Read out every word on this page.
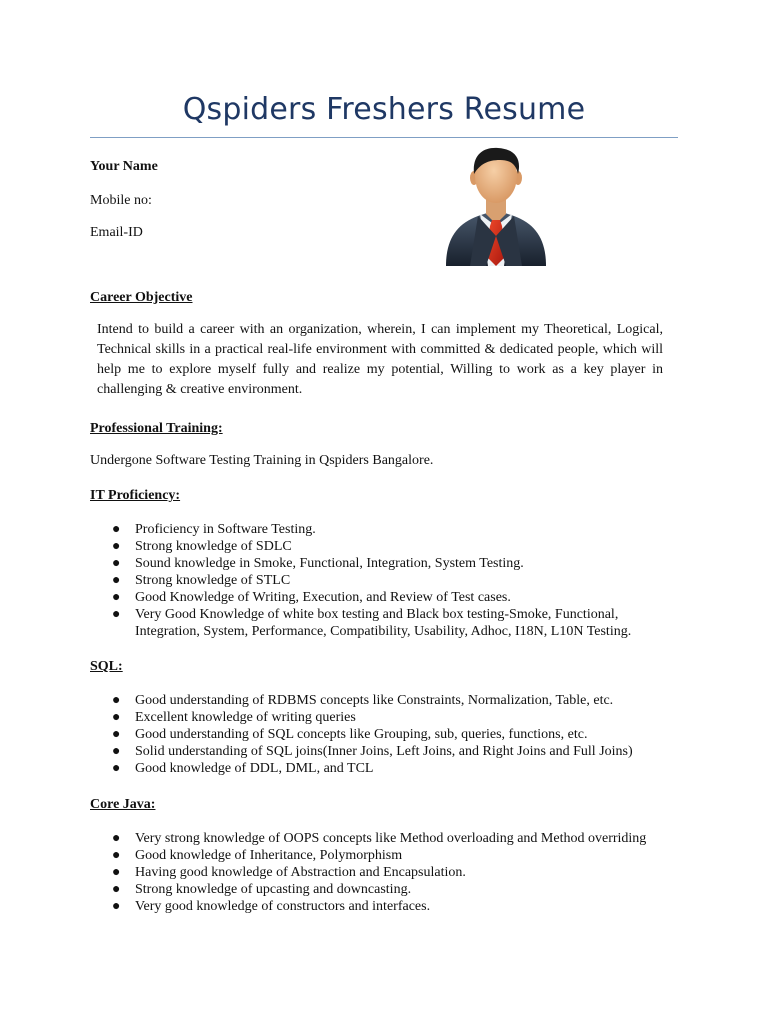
Qspiders Freshers Resume
Your Name
Mobile no:
Email-ID
Career Objective
Intend to build a career with an organization, wherein, I can implement my Theoretical, Logical, Technical skills in a practical real-life environment with committed & dedicated people, which will help me to explore myself fully and realize my potential, Willing to work as a key player in challenging & creative environment.
Professional Training:
Undergone Software Testing Training in Qspiders Bangalore.
IT Proficiency:
● Proficiency in Software Testing.
● Strong knowledge of SDLC
● Sound knowledge in Smoke, Functional, Integration, System Testing.
● Strong knowledge of STLC
● Good Knowledge of Writing, Execution, and Review of Test cases.
● Very Good Knowledge of white box testing and Black box testing-Smoke, Functional,
Integration, System, Performance, Compatibility, Usability, Adhoc, I18N, L10N Testing.
SQL:
● Good understanding of RDBMS concepts like Constraints, Normalization, Table, etc.
● Excellent knowledge of writing queries
● Good understanding of SQL concepts like Grouping, sub, queries, functions, etc.
● Solid understanding of SQL joins(Inner Joins, Left Joins, and Right Joins and Full Joins)
● Good knowledge of DDL, DML, and TCL
Core Java:
● Very strong knowledge of OOPS concepts like Method overloading and Method overriding
● Good knowledge of Inheritance, Polymorphism
● Having good knowledge of Abstraction and Encapsulation.
● Strong knowledge of upcasting and downcasting.
● Very good knowledge of constructors and interfaces.
